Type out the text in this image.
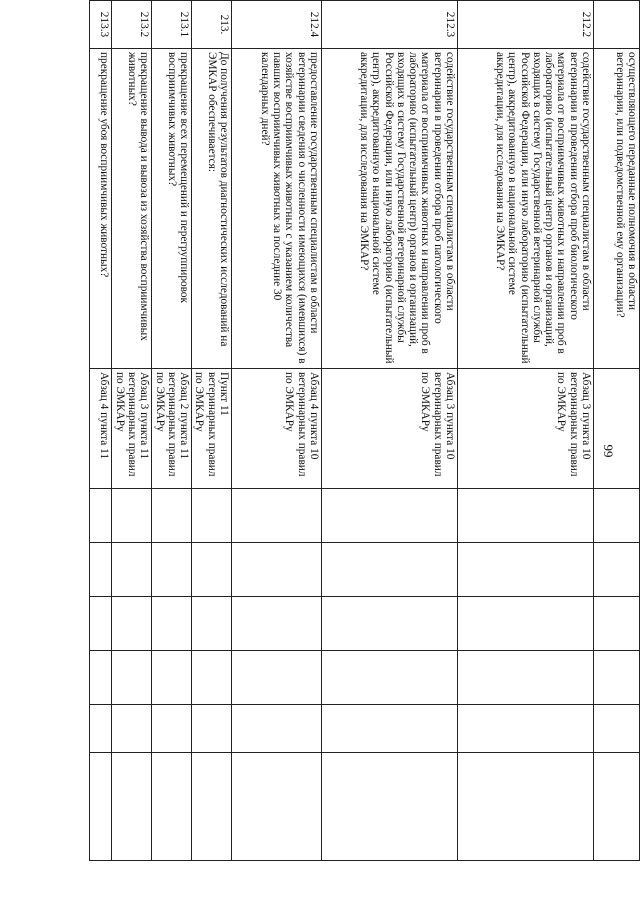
99
	осуществляющего переданные полномочия в области ветеринарии, или подведомственной ему организации?							
212.2	содействие государственным специалистам в области ветеринарии в проведении отбора проб биологического материала от восприимчивых животных и направлении проб в лабораторию (испытательный центр) органов и организаций, входящих в систему Государственной ветеринарной службы Российской Федерации, или иную лабораторию (испытательный центр), аккредитованную в национальной системе аккредитации, для исследования на ЭМКАР?	Абзац 3 пункта 10 ветеринарных правил по ЭМКАРу						
212.3	содействие государственным специалистам в области ветеринарии в проведении отбора проб патологического материала от восприимчивых животных и направлении проб в лабораторию (испытательный центр) органов и организаций, входящих в систему Государственной ветеринарной службы Российской Федерации, или иную лабораторию (испытательный центр), аккредитованную в национальной системе аккредитации, для исследования на ЭМКАР?	Абзац 3 пункта 10 ветеринарных правил по ЭМКАРу						
212.4	предоставление государственным специалистам в области ветеринарии сведения о численности имеющихся (имевшихся) в хозяйстве восприимчивых животных с указанием количества павших восприимчивых животных за последние 30 календарных дней?	Абзац 4 пункта 10 ветеринарных правил по ЭМКАРу						
213.	До получения результатов диагностических исследований на ЭМКАР обеспечивается:	Пункт 11 ветеринарных правил по ЭМКАРу						
213.1	прекращение всех перемещений и перегруппировок восприимчивых животных?	Абзац 2 пункта 11 ветеринарных правил по ЭМКАРу						
213.2	прекращение вывода и вывоза из хозяйства восприимчивых животных?	Абзац 3 пункта 11 ветеринарных правил по ЭМКАРу						
213.3	прекращение убоя восприимчивых животных?	Абзац 4 пункта 11						
